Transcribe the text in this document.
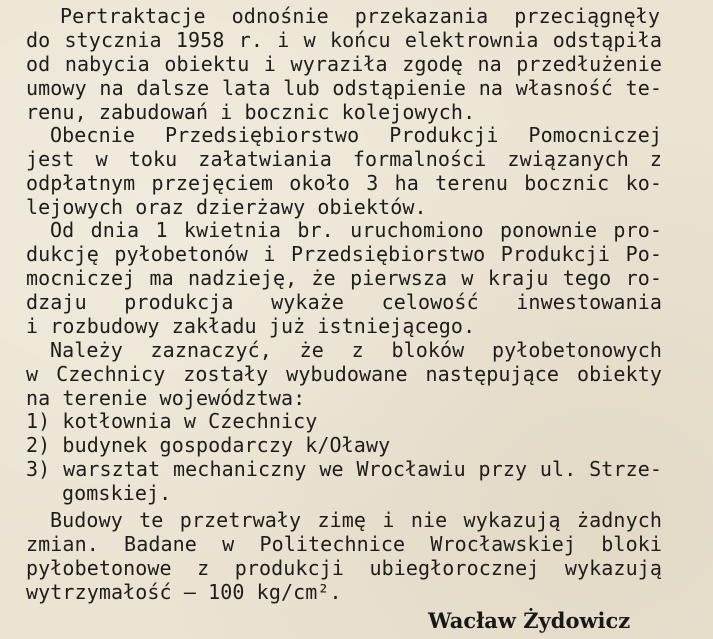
Pertraktacje odnośnie przekazania przeciągnęły
do stycznia 1958 r. i w końcu elektrownia odstąpiła
od nabycia obiektu i wyraziła zgodę na przedłużenie
umowy na dalsze lata lub odstąpienie na własność te-
renu, zabudowań i bocznic kolejowych.
Obecnie Przedsiębiorstwo Produkcji Pomocniczej
jest w toku załatwiania formalności związanych z
odpłatnym przejęciem około 3 ha terenu bocznic ko-
lejowych oraz dzierżawy obiektów.
Od dnia 1 kwietnia br. uruchomiono ponownie pro-
dukcję pyłobetonów i Przedsiębiorstwo Produkcji Po-
mocniczej ma nadzieję, że pierwsza w kraju tego ro-
dzaju produkcja wykaże celowość inwestowania
i rozbudowy zakładu już istniejącego.
Należy zaznaczyć, że z bloków pyłobetonowych
w Czechnicy zostały wybudowane następujące obiekty
na terenie województwa:
1) kotłownia w Czechnicy
2) budynek gospodarczy k/Oławy
3) warsztat mechaniczny we Wrocławiu przy ul. Strze-
gomskiej.
Budowy te przetrwały zimę i nie wykazują żadnych
zmian. Badane w Politechnice Wrocławskiej bloki
pyłobetonowe z produkcji ubiegłorocznej wykazują
wytrzymałość — 100 kg/cm².
Wacław Żydowicz
